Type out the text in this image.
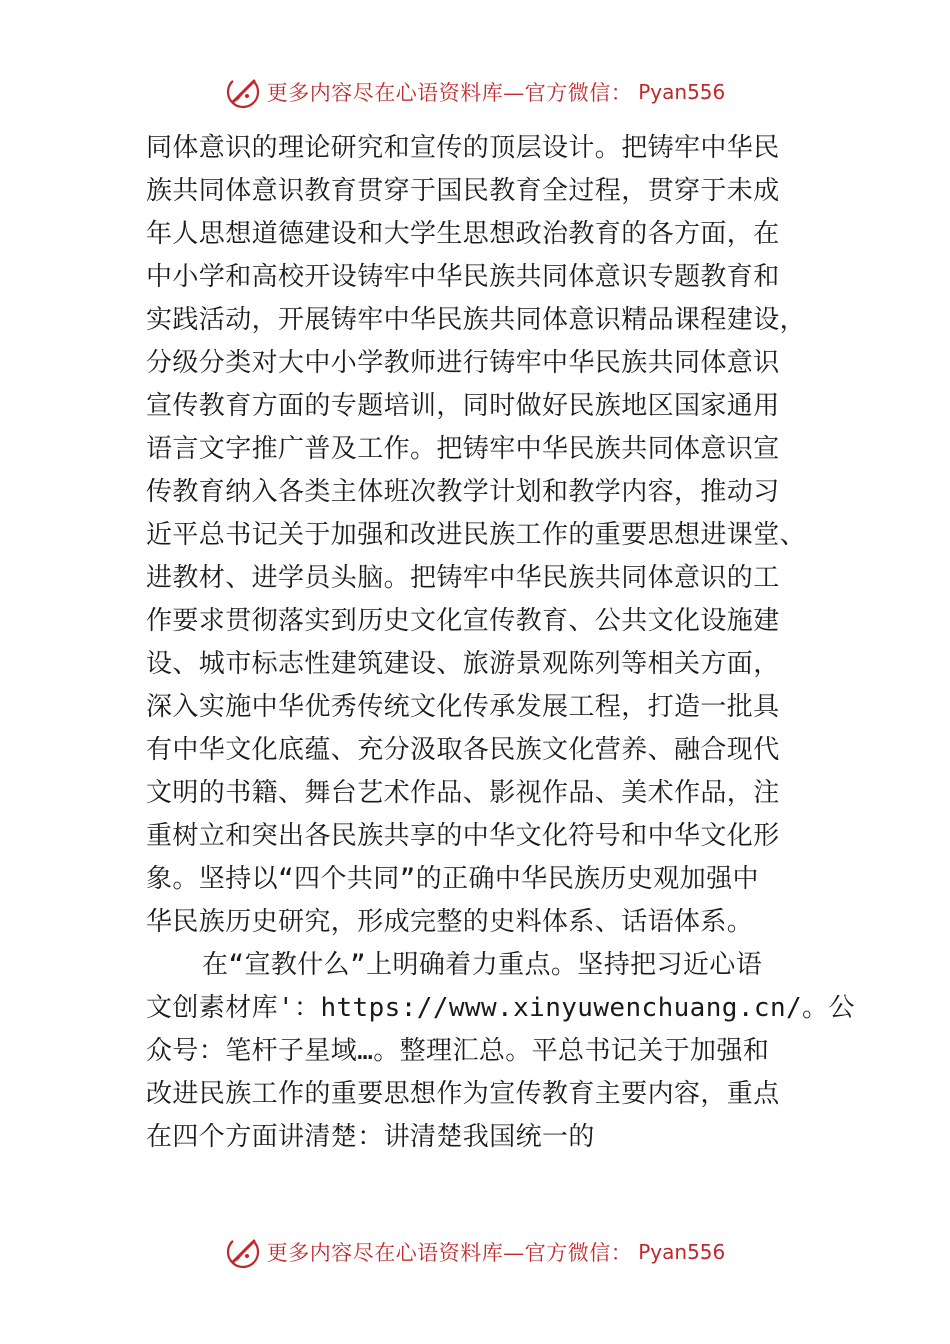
更多内容尽在心语资料库—官方微信： Pyan556
同体意识的理论研究和宣传的顶层设计。把铸牢中华民
族共同体意识教育贯穿于国民教育全过程，贯穿于未成
年人思想道德建设和大学生思想政治教育的各方面，在
中小学和高校开设铸牢中华民族共同体意识专题教育和
实践活动，开展铸牢中华民族共同体意识精品课程建设，
分级分类对大中小学教师进行铸牢中华民族共同体意识
宣传教育方面的专题培训，同时做好民族地区国家通用
语言文字推广普及工作。把铸牢中华民族共同体意识宣
传教育纳入各类主体班次教学计划和教学内容，推动习
近平总书记关于加强和改进民族工作的重要思想进课堂、
进教材、进学员头脑。把铸牢中华民族共同体意识的工
作要求贯彻落实到历史文化宣传教育、公共文化设施建
设、城市标志性建筑建设、旅游景观陈列等相关方面，
深入实施中华优秀传统文化传承发展工程，打造一批具
有中华文化底蕴、充分汲取各民族文化营养、融合现代
文明的书籍、舞台艺术作品、影视作品、美术作品，注
重树立和突出各民族共享的中华文化符号和中华文化形
象。坚持以“四个共同”的正确中华民族历史观加强中
华民族历史研究，形成完整的史料体系、话语体系。
在“宣教什么”上明确着力重点。坚持把习近心语
文创素材库'：https://www.xinyuwenchuang.cn/。公
众号：笔杆子星域…。整理汇总。平总书记关于加强和
改进民族工作的重要思想作为宣传教育主要内容，重点
在四个方面讲清楚：讲清楚我国统一的
更多内容尽在心语资料库—官方微信： Pyan556
